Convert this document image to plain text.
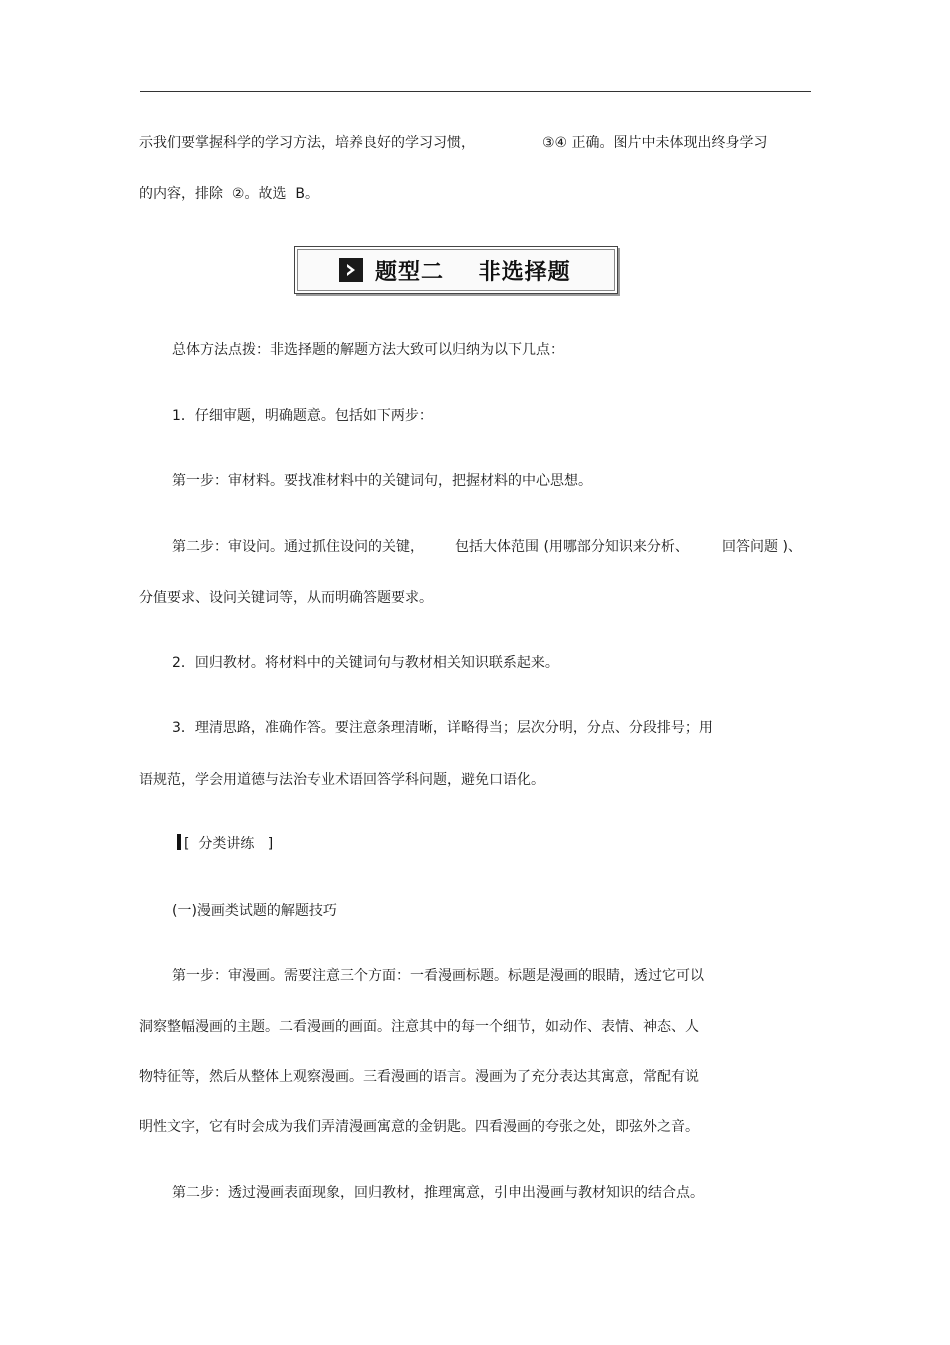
示我们要掌握科学的学习方法，培养良好的学习习惯，	③④ 正确。图片中未体现出终身学习
的内容，排除  ②。故选  B。
题型二    非选择题
总体方法点拨：非选择题的解题方法大致可以归纳为以下几点：
1．仔细审题，明确题意。包括如下两步：
第一步：审材料。要找准材料中的关键词句，把握材料的中心思想。
第二步：审设问。通过抓住设问的关键， 包括大体范围 (用哪部分知识来分析、 回答问题 )、
分值要求、设问关键词等，从而明确答题要求。
2．回归教材。将材料中的关键词句与教材相关知识联系起来。
3．理清思路，准确作答。要注意条理清晰，详略得当；层次分明，分点、分段排号；用
语规范，学会用道德与法治专业术语回答学科问题，避免口语化。
[  分类讲练   ]
(一)漫画类试题的解题技巧
第一步：审漫画。需要注意三个方面：一看漫画标题。标题是漫画的眼睛，透过它可以
洞察整幅漫画的主题。二看漫画的画面。注意其中的每一个细节，如动作、表情、神态、人
物特征等，然后从整体上观察漫画。三看漫画的语言。漫画为了充分表达其寓意，常配有说
明性文字，它有时会成为我们弄清漫画寓意的金钥匙。四看漫画的夸张之处，即弦外之音。
第二步：透过漫画表面现象，回归教材，推理寓意，引申出漫画与教材知识的结合点。
